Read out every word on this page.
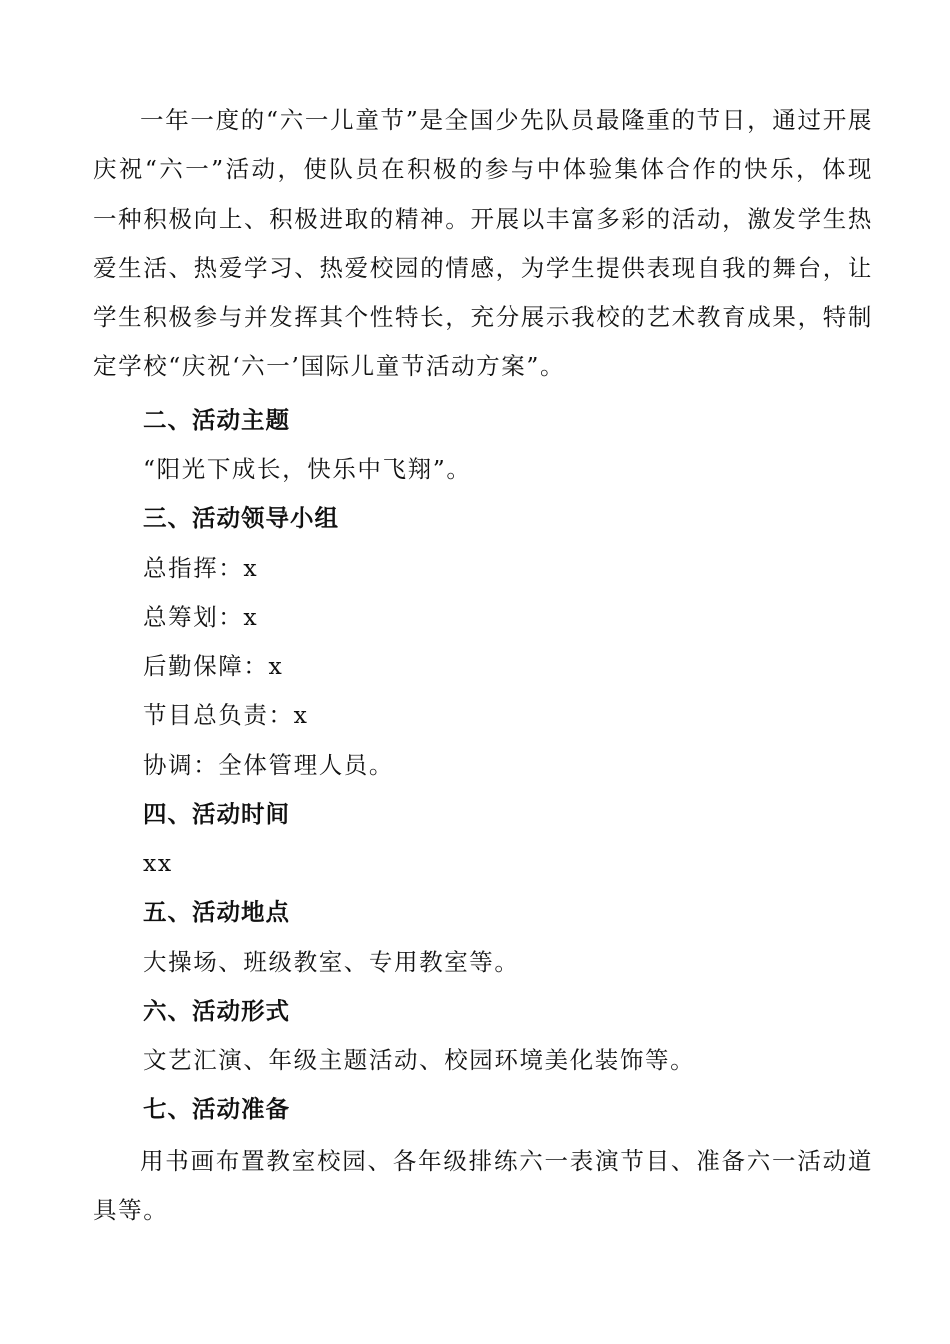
一年一度的“六一儿童节”是全国少先队员最隆重的节日，通过开展庆祝“六一”活动，使队员在积极的参与中体验集体合作的快乐，体现一种积极向上、积极进取的精神。开展以丰富多彩的活动，激发学生热爱生活、热爱学习、热爱校园的情感，为学生提供表现自我的舞台，让学生积极参与并发挥其个性特长，充分展示我校的艺术教育成果，特制定学校“庆祝‘六一’国际儿童节活动方案”。

二、活动主题

“阳光下成长，快乐中飞翔”。

三、活动领导小组

总指挥：x

总筹划：x

后勤保障：x

节目总负责：x

协调：全体管理人员。

四、活动时间

xx

五、活动地点

大操场、班级教室、专用教室等。

六、活动形式

文艺汇演、年级主题活动、校园环境美化装饰等。

七、活动准备

用书画布置教室校园、各年级排练六一表演节目、准备六一活动道具等。
